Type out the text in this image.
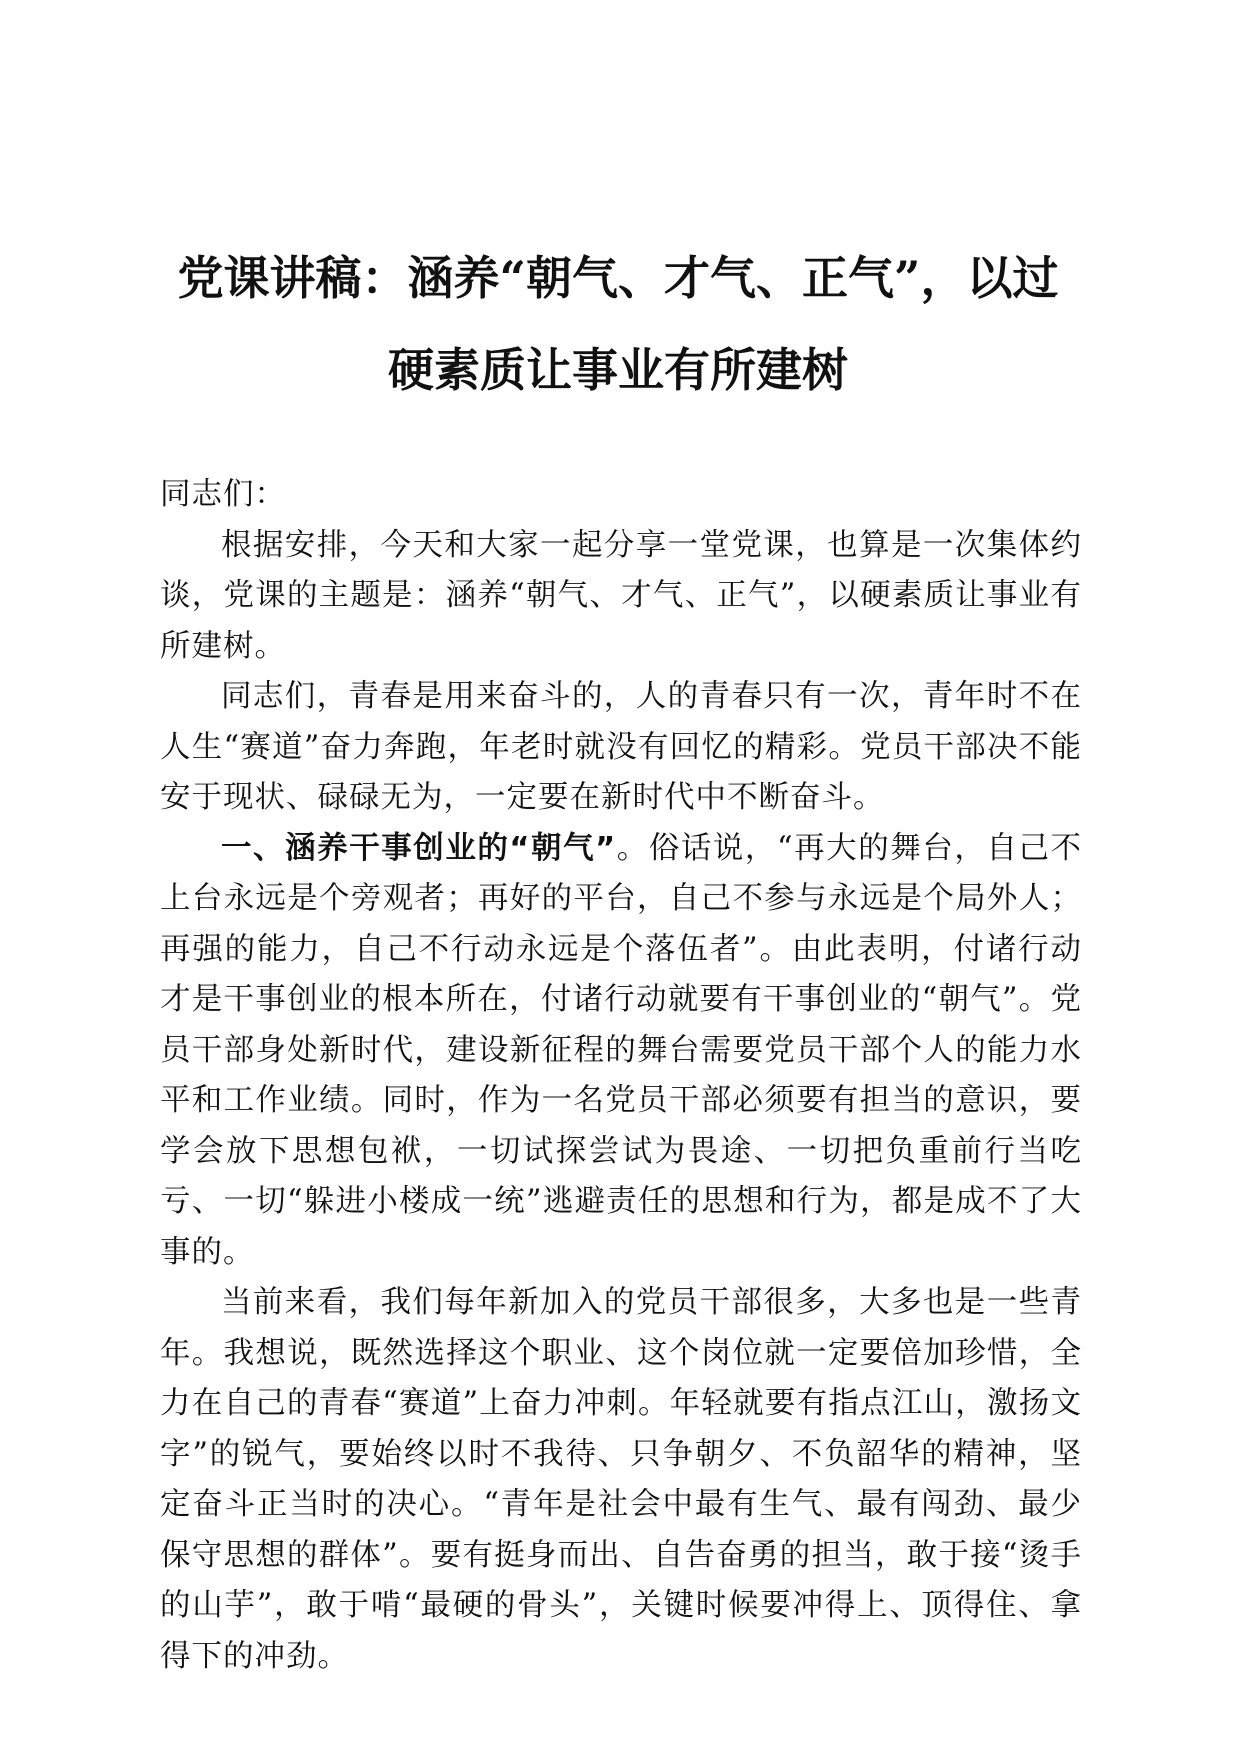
党课讲稿：涵养“朝气、才气、正气”，以过
硬素质让事业有所建树

同志们：

根据安排，今天和大家一起分享一堂党课，也算是一次集体约谈，党课的主题是：涵养“朝气、才气、正气”，以硬素质让事业有所建树。

同志们，青春是用来奋斗的，人的青春只有一次，青年时不在人生“赛道”奋力奔跑，年老时就没有回忆的精彩。党员干部决不能安于现状、碌碌无为，一定要在新时代中不断奋斗。

一、涵养干事创业的“朝气”。俗话说，“再大的舞台，自己不上台永远是个旁观者；再好的平台，自己不参与永远是个局外人；再强的能力，自己不行动永远是个落伍者”。由此表明，付诸行动才是干事创业的根本所在，付诸行动就要有干事创业的“朝气”。党员干部身处新时代，建设新征程的舞台需要党员干部个人的能力水平和工作业绩。同时，作为一名党员干部必须要有担当的意识，要学会放下思想包袱，一切试探尝试为畏途、一切把负重前行当吃亏、一切“躲进小楼成一统”逃避责任的思想和行为，都是成不了大事的。

当前来看，我们每年新加入的党员干部很多，大多也是一些青年。我想说，既然选择这个职业、这个岗位就一定要倍加珍惜，全力在自己的青春“赛道”上奋力冲刺。年轻就要有指点江山，激扬文字”的锐气，要始终以时不我待、只争朝夕、不负韶华的精神，坚定奋斗正当时的决心。“青年是社会中最有生气、最有闯劲、最少保守思想的群体”。要有挺身而出、自告奋勇的担当，敢于接“烫手的山芋”，敢于啃“最硬的骨头”，关键时候要冲得上、顶得住、拿得下的冲劲。
